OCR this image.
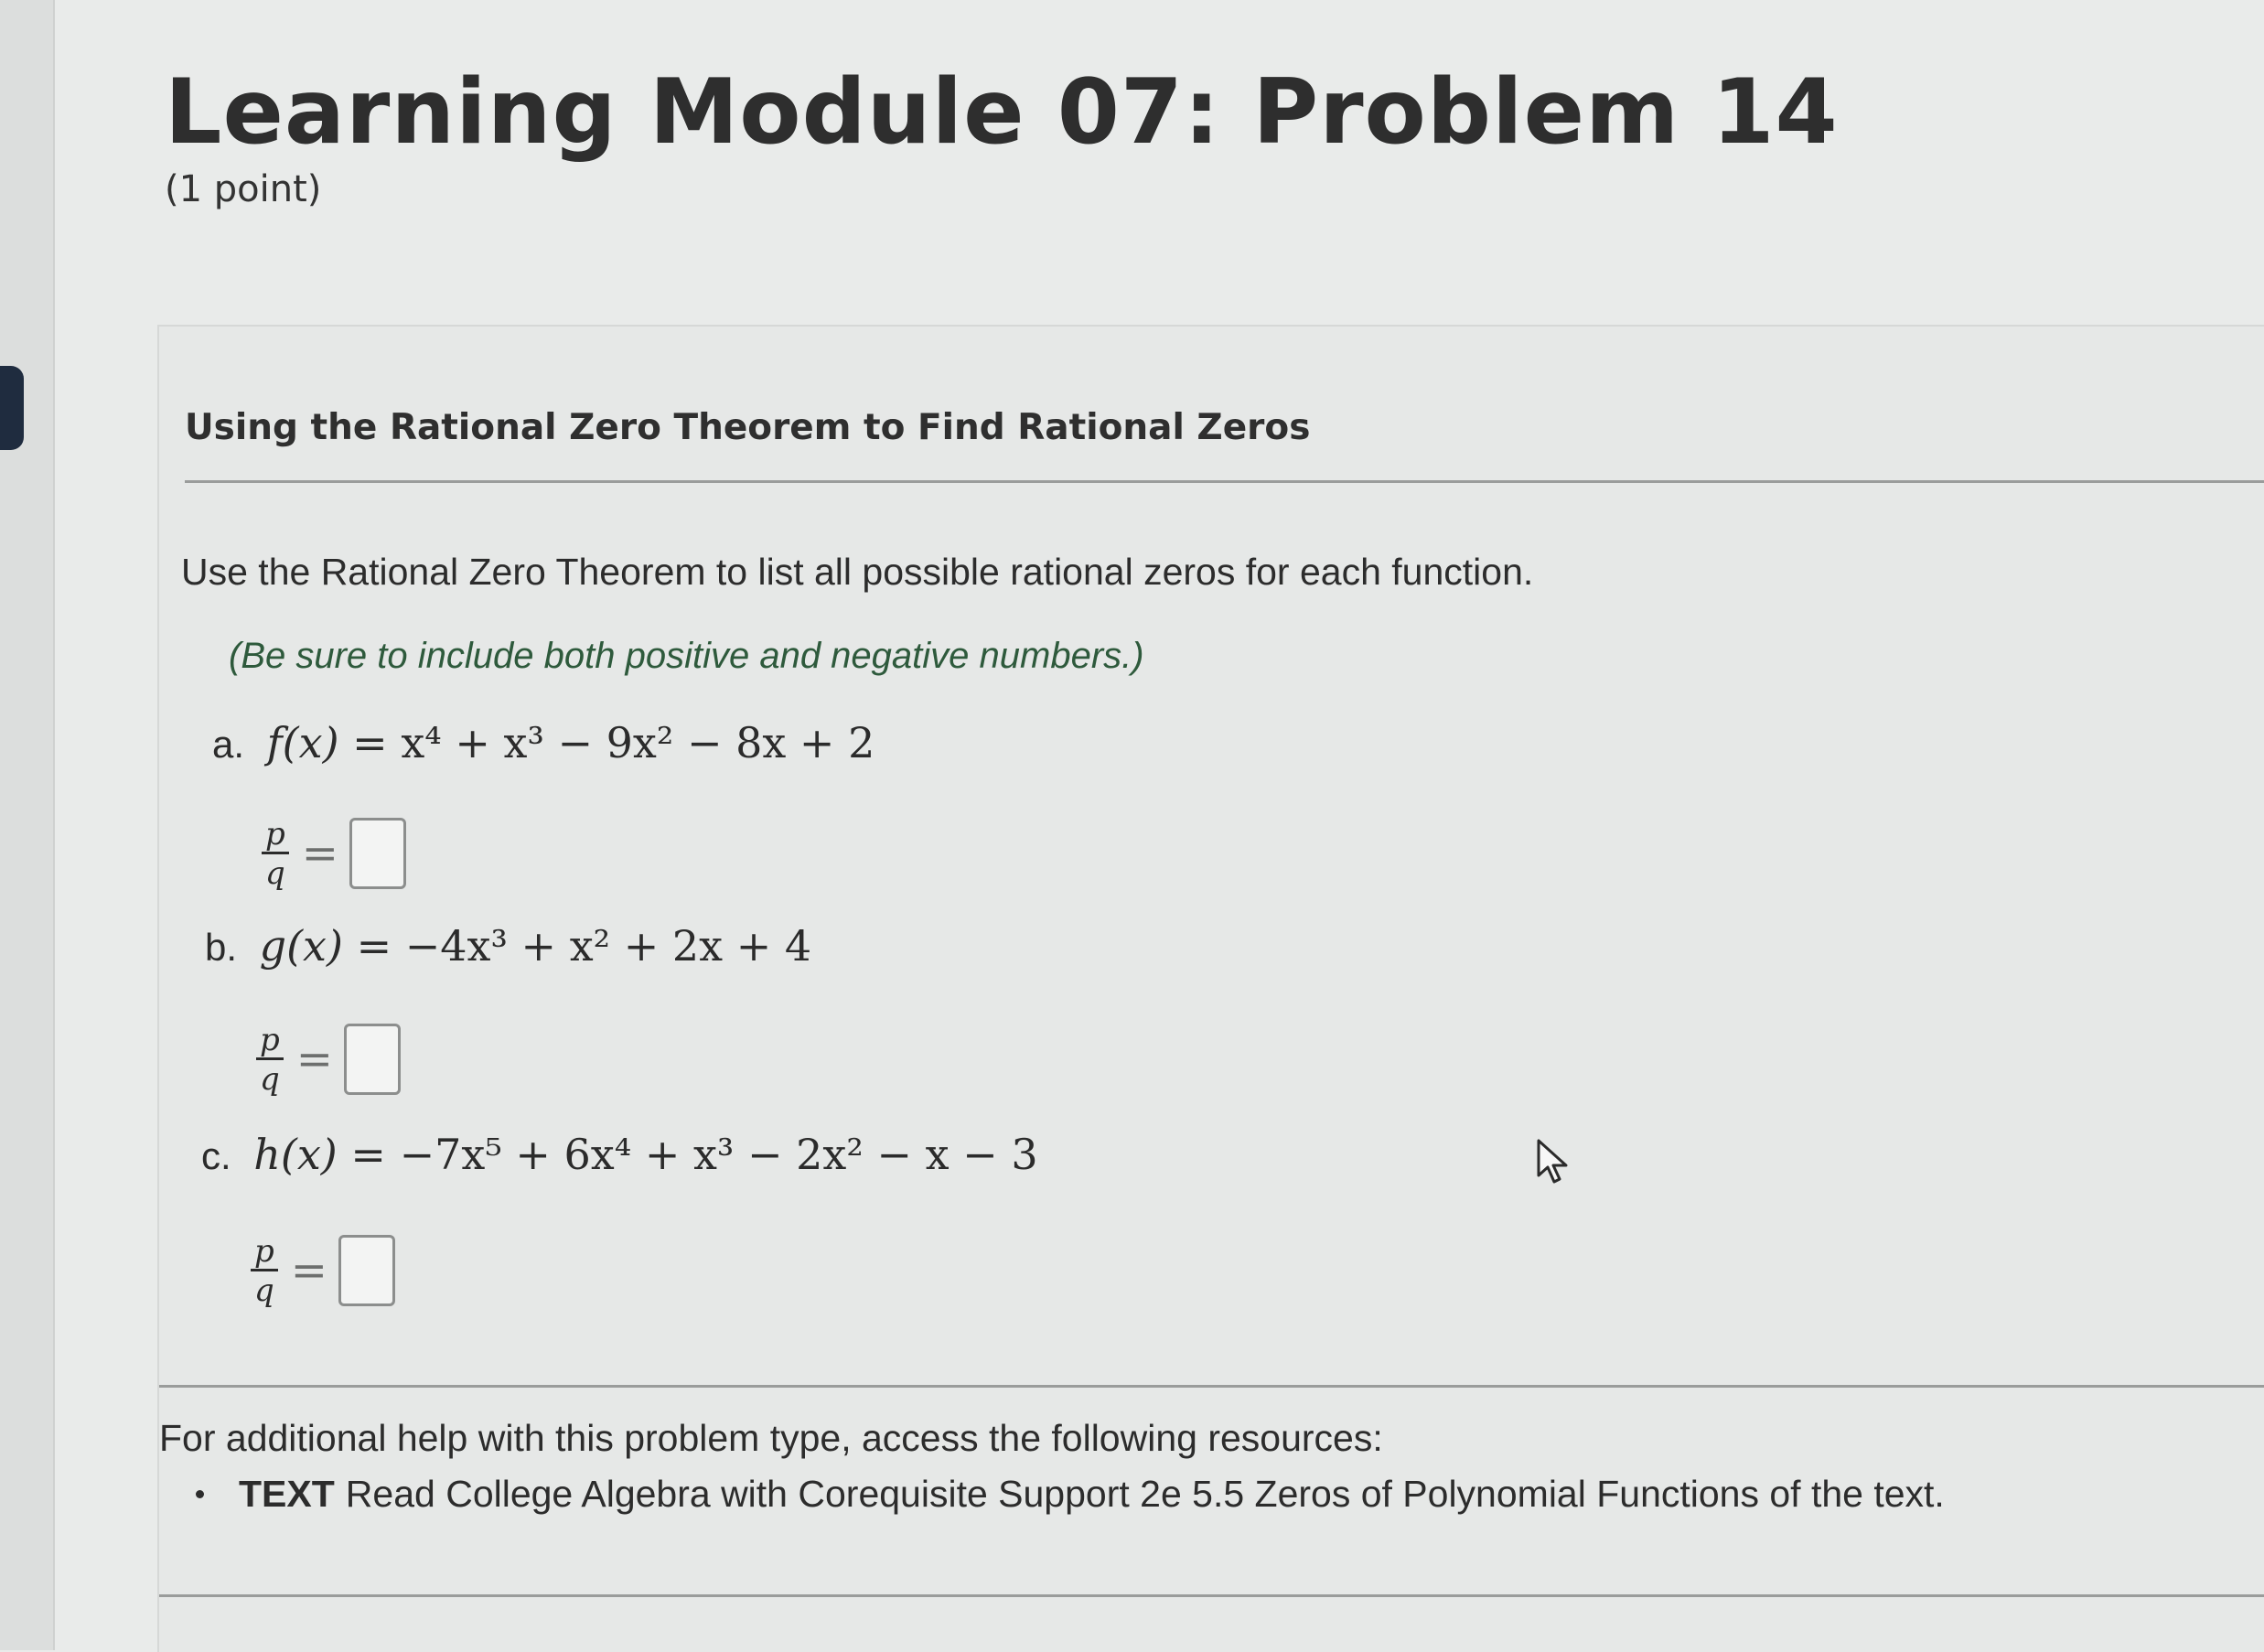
Learning Module 07: Problem 14
(1 point)
Using the Rational Zero Theorem to Find Rational Zeros
Use the Rational Zero Theorem to list all possible rational zeros for each function.
(Be sure to include both positive and negative numbers.)
a. f(x) = x⁴ + x³ − 9x² − 8x + 2
$\frac{p}{q}$ =
b. g(x) = −4x³ + x² + 2x + 4
$\frac{p}{q}$ =
c. h(x) = −7x⁵ + 6x⁴ + x³ − 2x² − x − 3
$\frac{p}{q}$ =
For additional help with this problem type, access the following resources:
TEXT Read College Algebra with Corequisite Support 2e 5.5 Zeros of Polynomial Functions of the text.
